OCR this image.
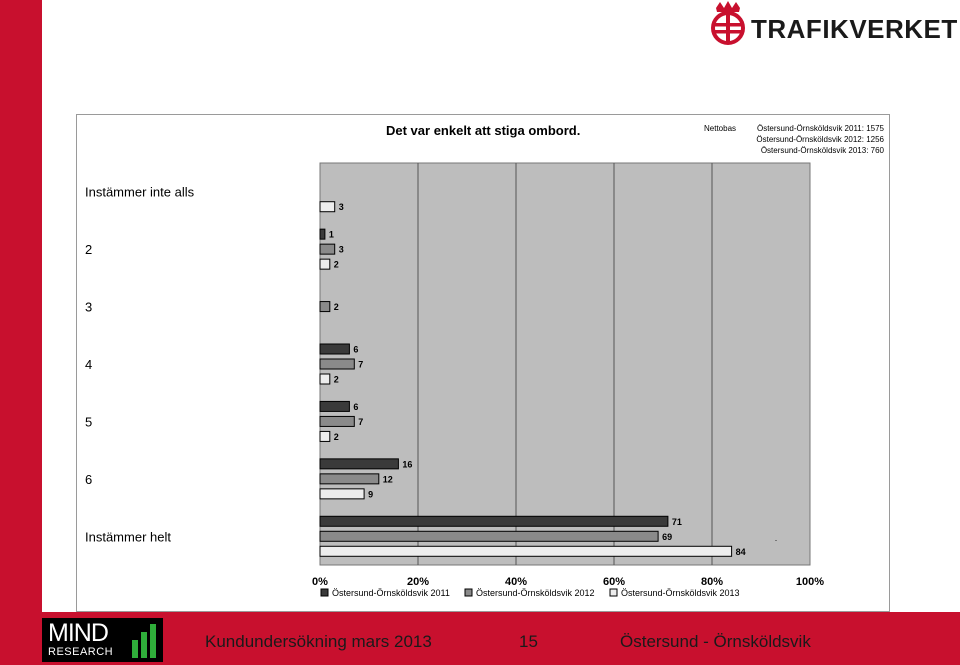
TRAFIKVERKET
Det var enkelt att stiga ombord.	Nettobas	Östersund-Örnsköldsvik 2011: 1575
Östersund-Örnsköldsvik 2012: 1256
Östersund-Örnsköldsvik 2013: 760
0%	20%	40%	60%	80%	100%
Instämmer inte alls
3
2
1
3
2
3	2
4
6
7
2
5
6
7
2
6
16
12
9
Instämmer helt
71
69
84
Östersund-Örnsköldsvik 2011	Östersund-Örnsköldsvik 2012	Östersund-Örnsköldsvik 2013
MIND
RESEARCH
Kundundersökning mars 2013	15	Östersund - Örnsköldsvik
